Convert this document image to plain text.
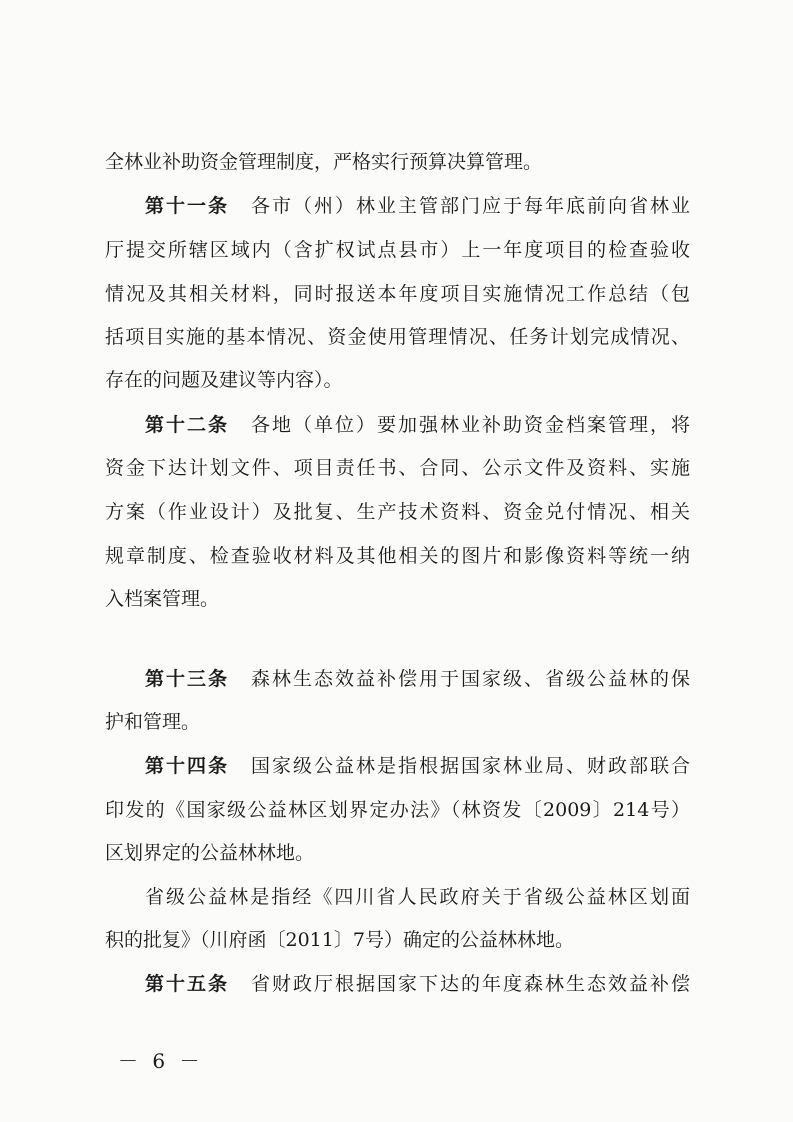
全林业补助资金管理制度，严格实行预算决算管理。
第十一条 各市（州）林业主管部门应于每年底前向省林业
厅提交所辖区域内（含扩权试点县市）上一年度项目的检查验收
情况及其相关材料，同时报送本年度项目实施情况工作总结（包
括项目实施的基本情况、资金使用管理情况、任务计划完成情况、
存在的问题及建议等内容）。
第十二条 各地（单位）要加强林业补助资金档案管理，将
资金下达计划文件、项目责任书、合同、公示文件及资料、实施
方案（作业设计）及批复、生产技术资料、资金兑付情况、相关
规章制度、检查验收材料及其他相关的图片和影像资料等统一纳
入档案管理。
第十三条 森林生态效益补偿用于国家级、省级公益林的保
护和管理。
第十四条 国家级公益林是指根据国家林业局、财政部联合
印发的《国家级公益林区划界定办法》（林资发〔2009〕214号）
区划界定的公益林林地。
省级公益林是指经《四川省人民政府关于省级公益林区划面
积的批复》（川府函〔2011〕7号）确定的公益林林地。
第十五条 省财政厅根据国家下达的年度森林生态效益补偿
－ 6 －
